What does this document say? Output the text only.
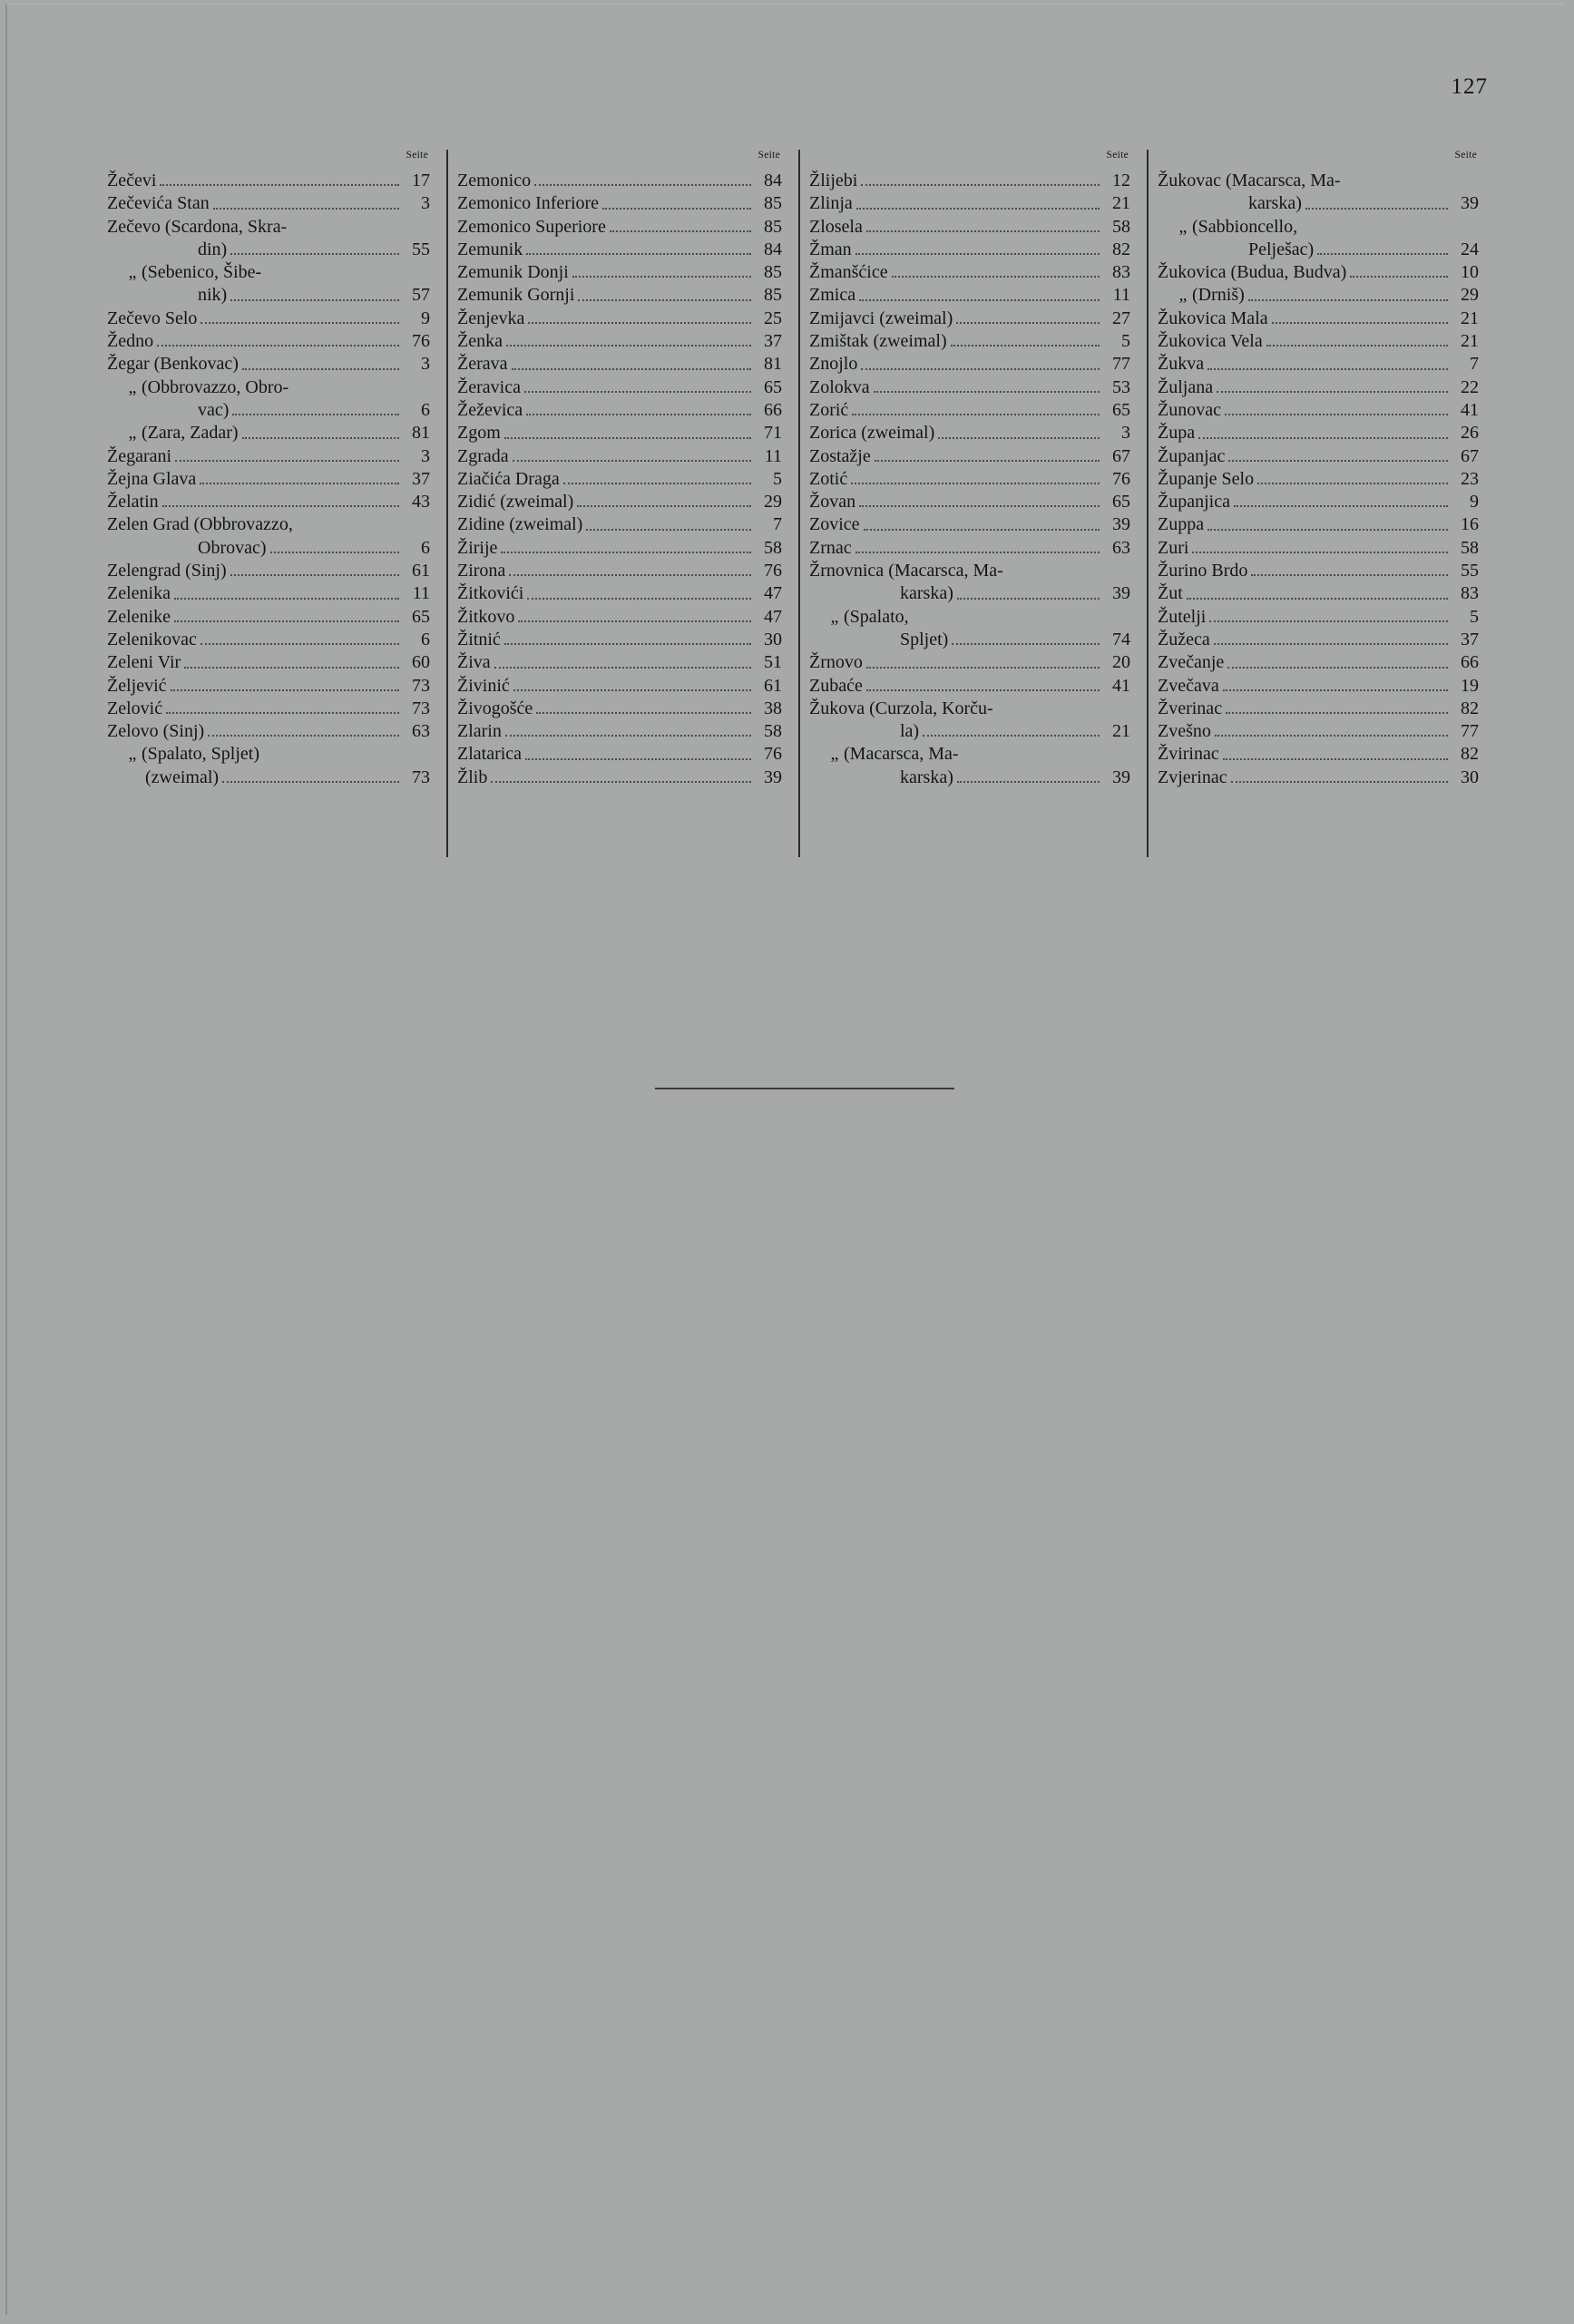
127
Seite
Žečevi	17
Zečevića Stan	3
Zečevo (Scardona, Skra-
din)	55
„ (Sebenico, Šibe-
nik)	57
Zečevo Selo	9
Žedno	76
Žegar (Benkovac)	3
„ (Obbrovazzo, Obro-
vac)	6
„ (Zara, Zadar)	81
Žegarani	3
Žejna Glava	37
Želatin	43
Zelen Grad (Obbrovazzo,
Obrovac)	6
Zelengrad (Sinj)	61
Zelenika	11
Zelenike	65
Zelenikovac	6
Zeleni Vir	60
Željević	73
Zelović	73
Zelovo (Sinj)	63
„ (Spalato, Spljet)
(zweimal)	73
Seite
Zemonico	84
Zemonico Inferiore	85
Zemonico Superiore	85
Zemunik	84
Zemunik Donji	85
Zemunik Gornji	85
Ženjevka	25
Ženka	37
Žerava	81
Žeravica	65
Žeževica	66
Zgom	71
Zgrada	11
Ziačića Draga	5
Zidić (zweimal)	29
Zidine (zweimal)	7
Žirije	58
Zirona	76
Žitkovići	47
Žitkovo	47
Žitnić	30
Živa	51
Živinić	61
Živogošće	38
Zlarin	58
Zlatarica	76
Žlib	39
Seite
Žlijebi	12
Zlinja	21
Zlosela	58
Žman	82
Žmanšćice	83
Zmica	11
Zmijavci (zweimal)	27
Zmištak (zweimal)	5
Znojlo	77
Zolokva	53
Zorić	65
Zorica (zweimal)	3
Zostažje	67
Zotić	76
Žovan	65
Zovice	39
Zrnac	63
Žrnovnica (Macarsca, Ma-
karska)	39
„ (Spalato,
Spljet)	74
Žrnovo	20
Zubaće	41
Žukova (Curzola, Korču-
la)	21
„ (Macarsca, Ma-
karska)	39
Seite
Žukovac (Macarsca, Ma-
karska)	39
„ (Sabbioncello,
Pelješac)	24
Žukovica (Budua, Budva)	10
„ (Drniš)	29
Žukovica Mala	21
Žukovica Vela	21
Žukva	7
Žuljana	22
Žunovac	41
Župa	26
Županjac	67
Županje Selo	23
Županjica	9
Zuppa	16
Zuri	58
Žurino Brdo	55
Žut	83
Žutelji	5
Žužeca	37
Zvečanje	66
Zvečava	19
Žverinac	82
Zvešno	77
Žvirinac	82
Zvjerinac	30
